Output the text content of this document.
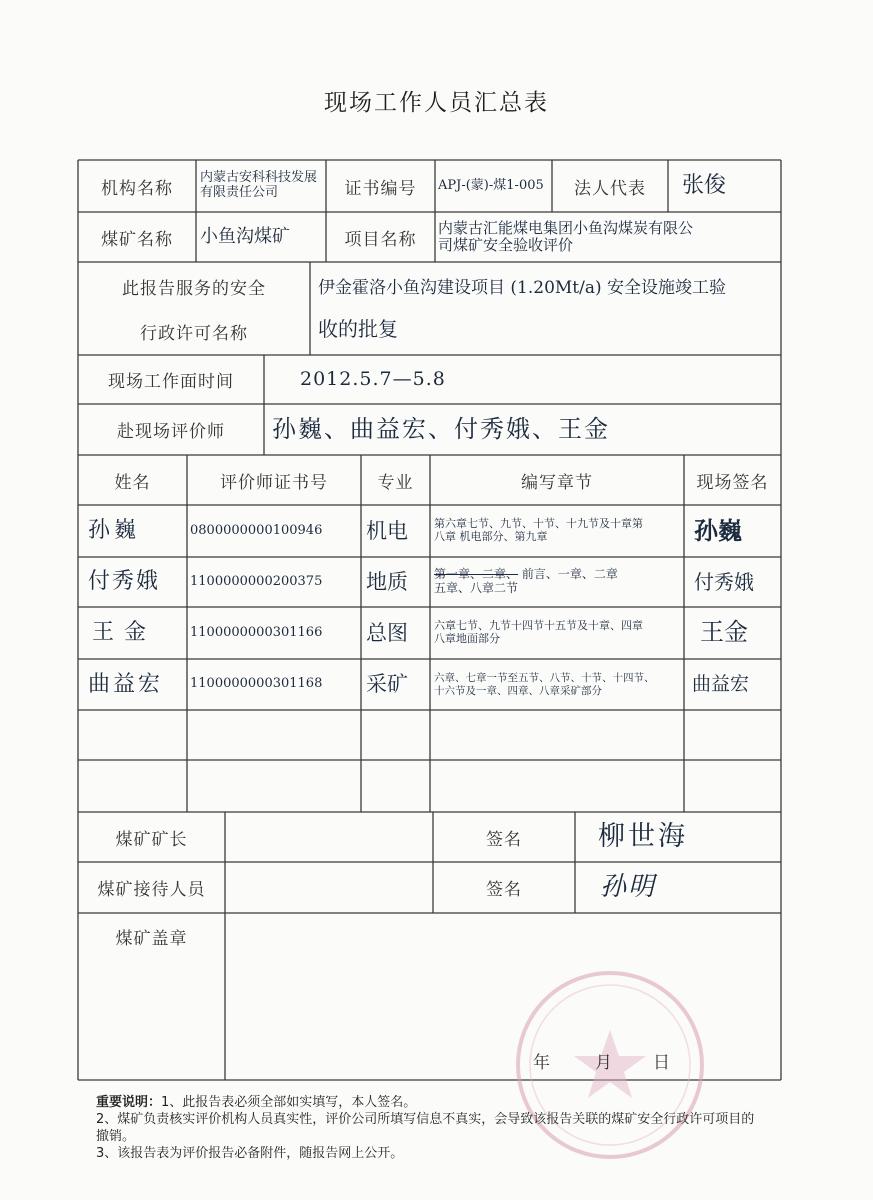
现场工作人员汇总表
机构名称
内蒙古安科科技发展
有限责任公司	证书编号	APJ-(蒙)-煤1-005	法人代表	张俊
煤矿名称	小鱼沟煤矿	项目名称
内蒙古汇能煤电集团小鱼沟煤炭有限公
司煤矿安全验收评价
此报告服务的安全
行政许可名称
伊金霍洛小鱼沟建设项目 (1.20Mt/a) 安全设施竣工验
收的批复
现场工作面时间	2012.5.7—5.8
赴现场评价师	孙巍、曲益宏、付秀娥、王金
姓名	评价师证书号	专业	编写章节	现场签名
孙巍	0800000000100946	机电	第六章七节、九节、十节、十九节及十章第
八章 机电部分、第九章	孙巍
付秀娥	1100000000200375	地质	第一章、二章、 前言、一章、二章
五章、八章二节	付秀娥
王金	1100000000301166	总图	六章七节、九节十四节十五节及十章、四章
八章地面部分	王金
曲益宏	1100000000301168	采矿	六章、七章一节至五节、八节、十节、十四节、
十六节及一章、四章、八章采矿部分	曲益宏
煤矿矿长	签名	柳世海
煤矿接待人员	签名	孙明
煤矿盖章
年	月 日
重要说明：1、此报告表必须全部如实填写，本人签名。
2、煤矿负责核实评价机构人员真实性，评价公司所填写信息不真实，会导致该报告关联的煤矿安全行政许可项目的撤销。
3、该报告表为评价报告必备附件，随报告网上公开。
